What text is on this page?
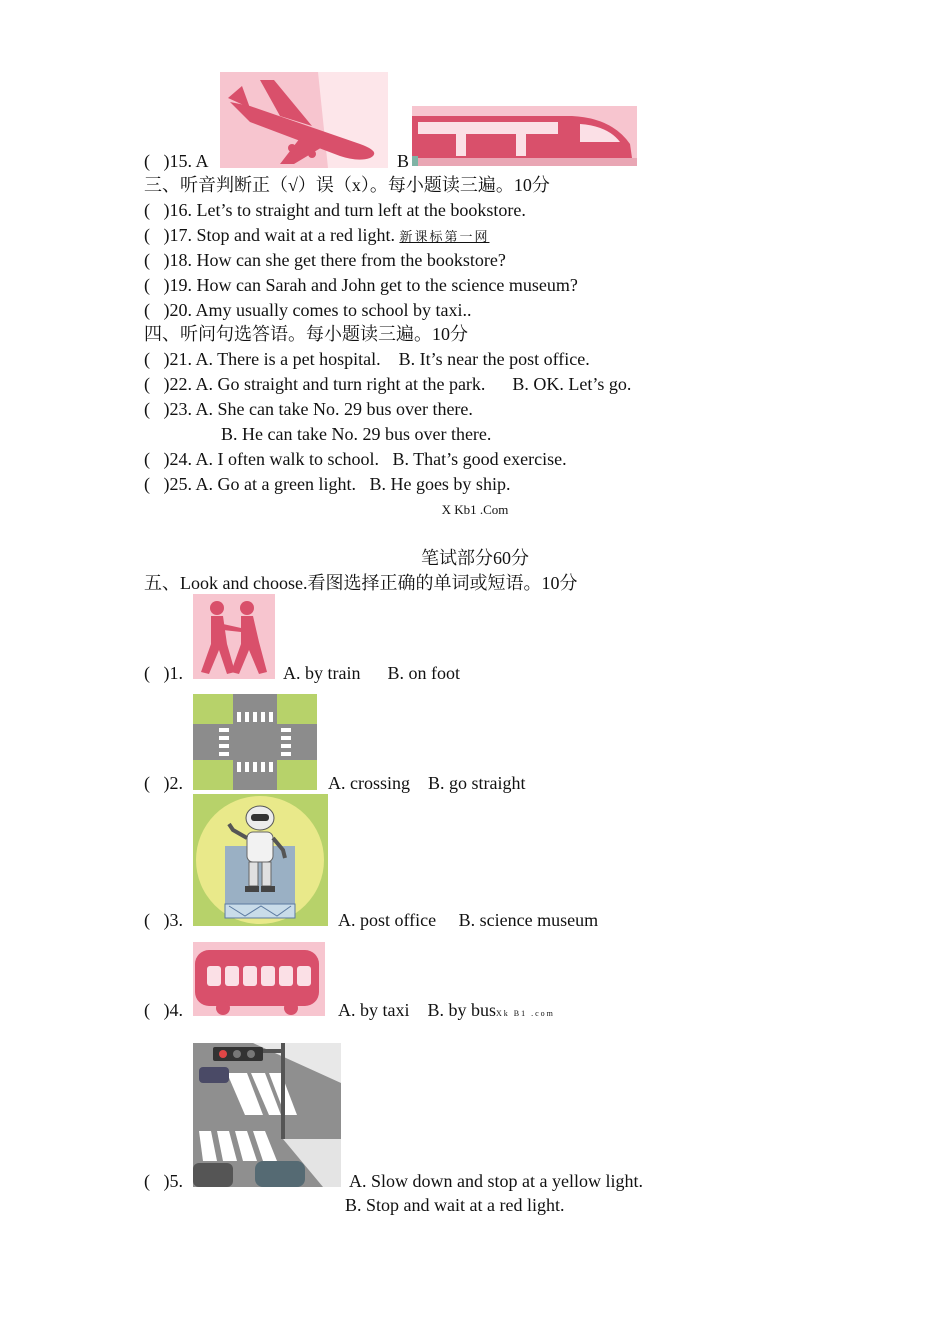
(   )15. A	B
三、听音判断正（√）误（x）。每小题读三遍。10分
(   )16. Let’s to straight and turn left at the bookstore.
(   )17. Stop and wait at a red light. 新课标第一网
(   )18. How can she get there from the bookstore?
(   )19. How can Sarah and John get to the science museum?
(   )20. Amy usually comes to school by taxi..
四、听问句选答语。每小题读三遍。10分
(   )21. A. There is a pet hospital.    B. It’s near the post office.
(   )22. A. Go straight and turn right at the park.      B. OK. Let’s go.
(   )23. A. She can take No. 29 bus over there.
B. He can take No. 29 bus over there.
(   )24. A. I often walk to school.   B. That’s good exercise.
(   )25. A. Go at a green light.   B. He goes by ship.
X Kb1 .Com
笔试部分60分
五、Look and choose.看图选择正确的单词或短语。10分
(   )1.	A. by train      B. on foot
(   )2.	A. crossing    B. go straight
(   )3.	A. post office     B. science museum
(   )4.	A. by taxi    B. by busXk B1 .com
(   )5.	A. Slow down and stop at a yellow light.
B. Stop and wait at a red light.
